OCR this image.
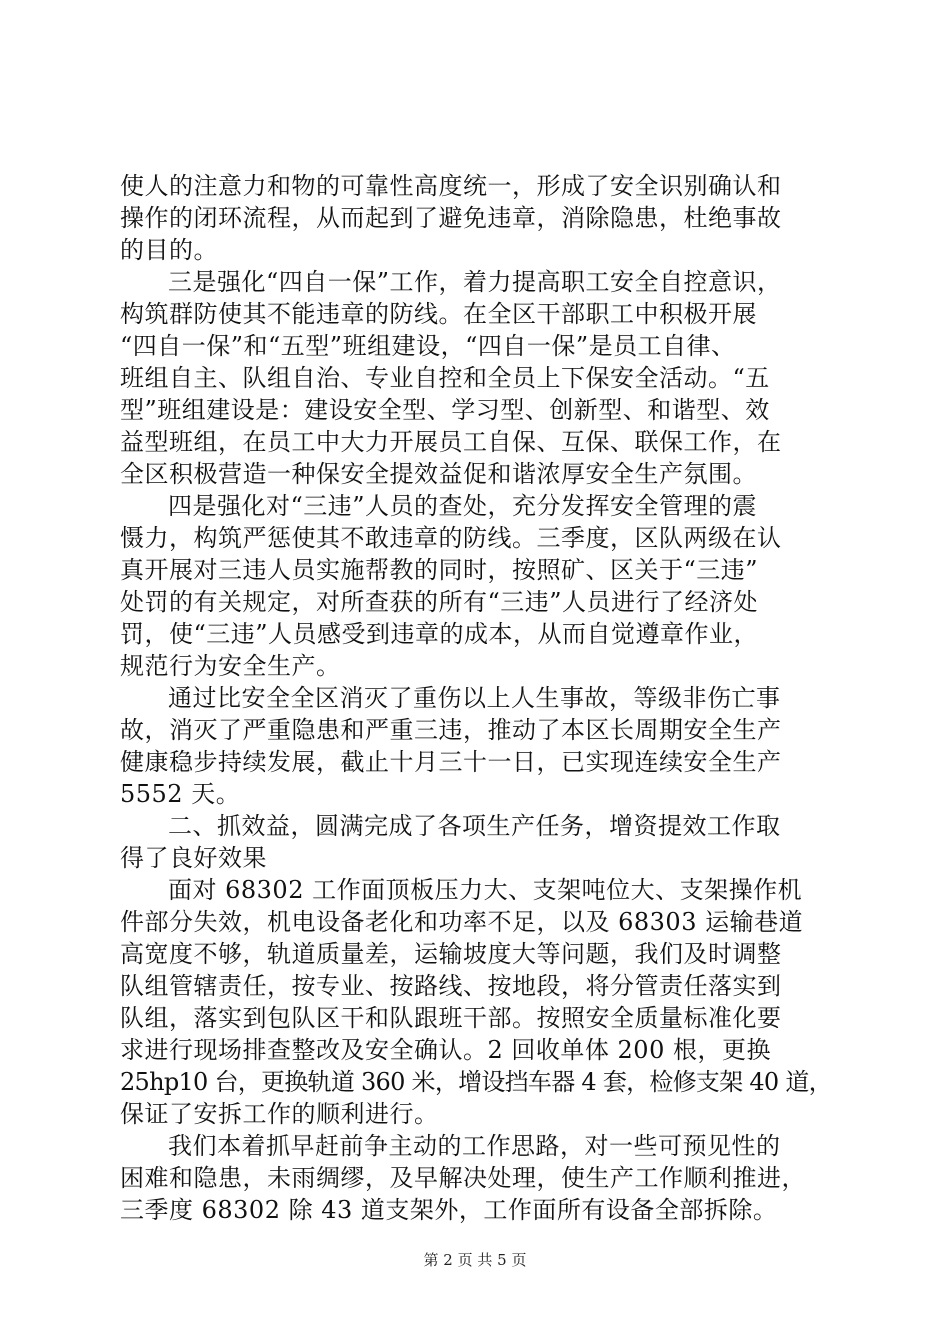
使人的注意力和物的可靠性高度统一，形成了安全识别确认和
操作的闭环流程，从而起到了避免违章，消除隐患，杜绝事故
的目的。
三是强化“四自一保”工作，着力提高职工安全自控意识，
构筑群防使其不能违章的防线。在全区干部职工中积极开展
“四自一保”和“五型”班组建设，“四自一保”是员工自律、
班组自主、队组自治、专业自控和全员上下保安全活动。“五
型”班组建设是：建设安全型、学习型、创新型、和谐型、效
益型班组，在员工中大力开展员工自保、互保、联保工作，在
全区积极营造一种保安全提效益促和谐浓厚安全生产氛围。
四是强化对“三违”人员的查处，充分发挥安全管理的震
慑力，构筑严惩使其不敢违章的防线。三季度，区队两级在认
真开展对三违人员实施帮教的同时，按照矿、区关于“三违”
处罚的有关规定，对所查获的所有“三违”人员进行了经济处
罚，使“三违”人员感受到违章的成本，从而自觉遵章作业，
规范行为安全生产。
通过比安全全区消灭了重伤以上人生事故，等级非伤亡事
故，消灭了严重隐患和严重三违，推动了本区长周期安全生产
健康稳步持续发展，截止十月三十一日，已实现连续安全生产
5552 天。
二、抓效益，圆满完成了各项生产任务，增资提效工作取
得了良好效果
面对 68302 工作面顶板压力大、支架吨位大、支架操作机
件部分失效，机电设备老化和功率不足，以及 68303 运输巷道
高宽度不够，轨道质量差，运输坡度大等问题，我们及时调整
队组管辖责任，按专业、按路线、按地段，将分管责任落实到
队组，落实到包队区干和队跟班干部。按照安全质量标准化要
求进行现场排查整改及安全确认。2 回收单体 200 根，更换
25hp10 台，更换轨道 360 米，增设挡车器 4 套，检修支架 40 道，
保证了安拆工作的顺利进行。
我们本着抓早赶前争主动的工作思路，对一些可预见性的
困难和隐患，未雨绸缪，及早解决处理，使生产工作顺利推进，
三季度 68302 除 43 道支架外，工作面所有设备全部拆除。
第 2 页 共 5 页
